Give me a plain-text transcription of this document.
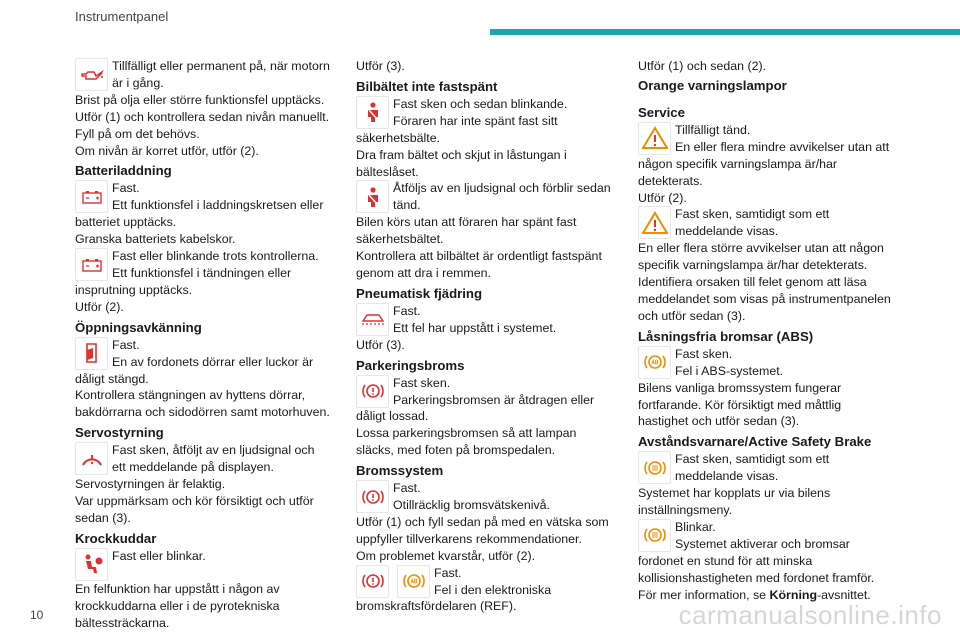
Instrumentpanel

Tillfälligt eller permanent på, när motorn är i gång.

Brist på olja eller större funktionsfel upptäcks.

Utför (1) och kontrollera sedan nivån manuellt.

Fyll på om det behövs.

Om nivån är korret utför, utför (2).

Batteriladdning

Fast.

Ett funktionsfel i laddningskretsen eller batteriet upptäcks.

Granska batteriets kabelskor.

Fast eller blinkande trots kontrollerna.

Ett funktionsfel i tändningen eller insprutning upptäcks.

Utför (2).

Öppningsavkänning

Fast.

En av fordonets dörrar eller luckor är dåligt stängd.

Kontrollera stängningen av hyttens dörrar, bakdörrarna och sidodörren samt motorhuven.

Servostyrning

Fast sken, åtföljt av en ljudsignal och ett meddelande på displayen.

Servostyrningen är felaktig.

Var uppmärksam och kör försiktigt och utför sedan (3).

Krockkuddar

Fast eller blinkar.

En felfunktion har uppstått i någon av krockkuddarna eller i de pyrotekniska bältessträckarna.

Utför (3).

Bilbältet inte fastspänt

Fast sken och sedan blinkande.

Föraren har inte spänt fast sitt säkerhetsbälte.

Dra fram bältet och skjut in låstungan i bälteslåset.

Åtföljs av en ljudsignal och förblir sedan tänd.

Bilen körs utan att föraren har spänt fast säkerhetsbältet.

Kontrollera att bilbältet är ordentligt fastspänt genom att dra i remmen.

Pneumatisk fjädring

Fast.

Ett fel har uppstått i systemet.

Utför (3).

Parkeringsbroms

Fast sken.

Parkeringsbromsen är åtdragen eller dåligt lossad.

Lossa parkeringsbromsen så att lampan släcks, med foten på bromspedalen.

Bromssystem

Fast.

Otillräcklig bromsvätskenivå.

Utför (1) och fyll sedan på med en vätska som uppfyller tillverkarens rekommendationer.

Om problemet kvarstår, utför (2).

Fast.

Fel i den elektroniska bromskraftsfördelaren (REF).

Utför (1) och sedan (2).

Orange varningslampor
Service

Tillfälligt tänd.

En eller flera mindre avvikelser utan att någon specifik varningslampa är/har detekterats.

Utför (2).

Fast sken, samtidigt som ett meddelande visas.

En eller flera större avvikelser utan att någon specifik varningslampa är/har detekterats. Identifiera orsaken till felet genom att läsa meddelandet som visas på instrumentpanelen och utför sedan (3).

Låsningsfria bromsar (ABS)

Fast sken.

Fel i ABS-systemet.

Bilens vanliga bromssystem fungerar fortfarande. Kör försiktigt med måttlig hastighet och utför sedan (3).

Avståndsvarnare/Active Safety Brake

Fast sken, samtidigt som ett meddelande visas.

Systemet har kopplats ur via bilens inställningsmeny.

Blinkar.

Systemet aktiverar och bromsar fordonet en stund för att minska kollisionshastigheten med fordonet framför.

För mer information, se Körning-avsnittet.

10	carmanualsonline.info
